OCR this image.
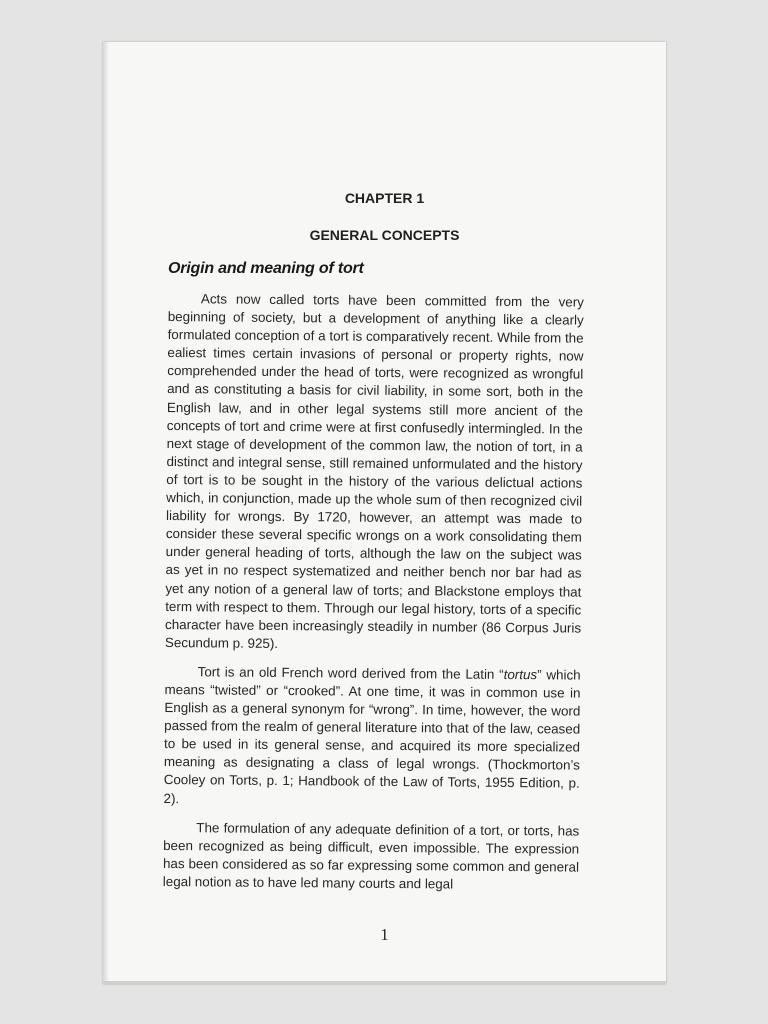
CHAPTER 1
GENERAL CONCEPTS
Origin and meaning of tort

Acts now called torts have been committed from the very beginning of society, but a development of anything like a clearly formulated conception of a tort is comparatively recent. While from the ealiest times certain invasions of personal or property rights, now comprehended under the head of torts, were recognized as wrongful and as constituting a basis for civil liability, in some sort, both in the English law, and in other legal systems still more ancient of the concepts of tort and crime were at first confusedly intermingled. In the next stage of development of the common law, the notion of tort, in a distinct and integral sense, still remained unformulated and the history of tort is to be sought in the history of the various delictual actions which, in conjunction, made up the whole sum of then recognized civil liability for wrongs. By 1720, however, an attempt was made to consider these several specific wrongs on a work consolidating them under general heading of torts, although the law on the subject was as yet in no respect systematized and neither bench nor bar had as yet any notion of a general law of torts; and Blackstone employs that term with respect to them. Through our legal history, torts of a specific character have been increasingly steadily in number (86 Corpus Juris Secundum p. 925).

Tort is an old French word derived from the Latin “tortus” which means “twisted” or “crooked”. At one time, it was in common use in English as a general synonym for “wrong”. In time, however, the word passed from the realm of general literature into that of the law, ceased to be used in its general sense, and acquired its more specialized meaning as designating a class of legal wrongs. (Thockmorton’s Cooley on Torts, p. 1; Handbook of the Law of Torts, 1955 Edition, p. 2).

The formulation of any adequate definition of a tort, or torts, has been recognized as being difficult, even impossible. The expression has been considered as so far expressing some common and general legal notion as to have led many courts and legal

1
